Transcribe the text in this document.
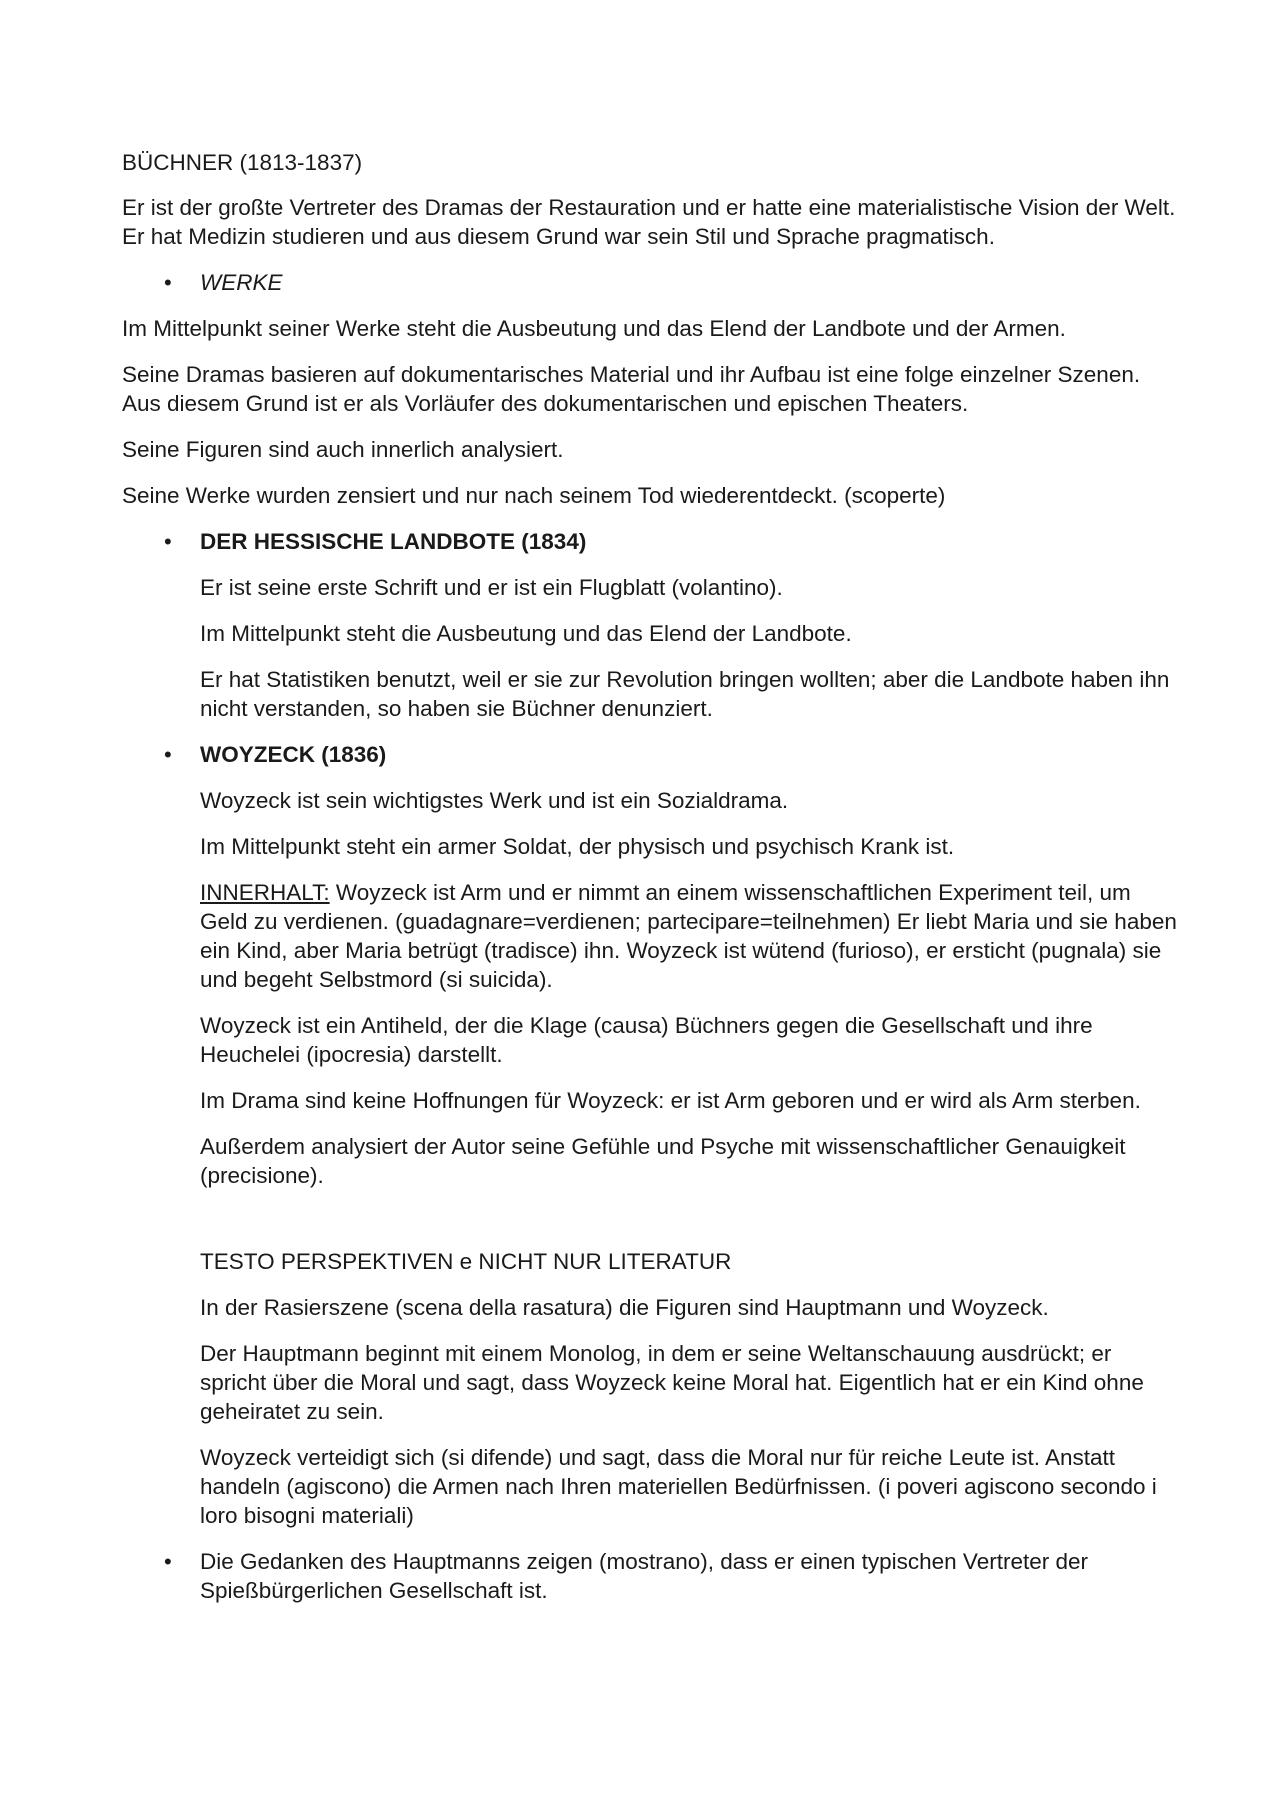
BÜCHNER (1813-1837)

Er ist der großte Vertreter des Dramas der Restauration und er hatte eine materialistische Vision der Welt. Er hat Medizin studieren und aus diesem Grund war sein Stil und Sprache pragmatisch.

• WERKE

Im Mittelpunkt seiner Werke steht die Ausbeutung und das Elend der Landbote und der Armen.

Seine Dramas basieren auf dokumentarisches Material und ihr Aufbau ist eine folge einzelner Szenen. Aus diesem Grund ist er als Vorläufer des dokumentarischen und epischen Theaters.

Seine Figuren sind auch innerlich analysiert.

Seine Werke wurden zensiert und nur nach seinem Tod wiederentdeckt. (scoperte)

• DER HESSISCHE LANDBOTE (1834)

Er ist seine erste Schrift und er ist ein Flugblatt (volantino).

Im Mittelpunkt steht die Ausbeutung und das Elend der Landbote.

Er hat Statistiken benutzt, weil er sie zur Revolution bringen wollten; aber die Landbote haben ihn nicht verstanden, so haben sie Büchner denunziert.

• WOYZECK (1836)

Woyzeck ist sein wichtigstes Werk und ist ein Sozialdrama.

Im Mittelpunkt steht ein armer Soldat, der physisch und psychisch Krank ist.

INNERHALT: Woyzeck ist Arm und er nimmt an einem wissenschaftlichen Experiment teil, um Geld zu verdienen. (guadagnare=verdienen; partecipare=teilnehmen) Er liebt Maria und sie haben ein Kind, aber Maria betrügt (tradisce) ihn. Woyzeck ist wütend (furioso), er ersticht (pugnala) sie und begeht Selbstmord (si suicida).

Woyzeck ist ein Antiheld, der die Klage (causa) Büchners gegen die Gesellschaft und ihre Heuchelei (ipocresia) darstellt.

Im Drama sind keine Hoffnungen für Woyzeck: er ist Arm geboren und er wird als Arm sterben.

Außerdem analysiert der Autor seine Gefühle und Psyche mit wissenschaftlicher Genauigkeit (precisione).

TESTO PERSPEKTIVEN e NICHT NUR LITERATUR

In der Rasierszene (scena della rasatura) die Figuren sind Hauptmann und Woyzeck.

Der Hauptmann beginnt mit einem Monolog, in dem er seine Weltanschauung ausdrückt; er spricht über die Moral und sagt, dass Woyzeck keine Moral hat. Eigentlich hat er ein Kind ohne geheiratet zu sein.

Woyzeck verteidigt sich (si difende) und sagt, dass die Moral nur für reiche Leute ist. Anstatt handeln (agiscono) die Armen nach Ihren materiellen Bedürfnissen. (i poveri agiscono secondo i loro bisogni materiali)

• Die Gedanken des Hauptmanns zeigen (mostrano), dass er einen typischen Vertreter der Spießbürgerlichen Gesellschaft ist.
